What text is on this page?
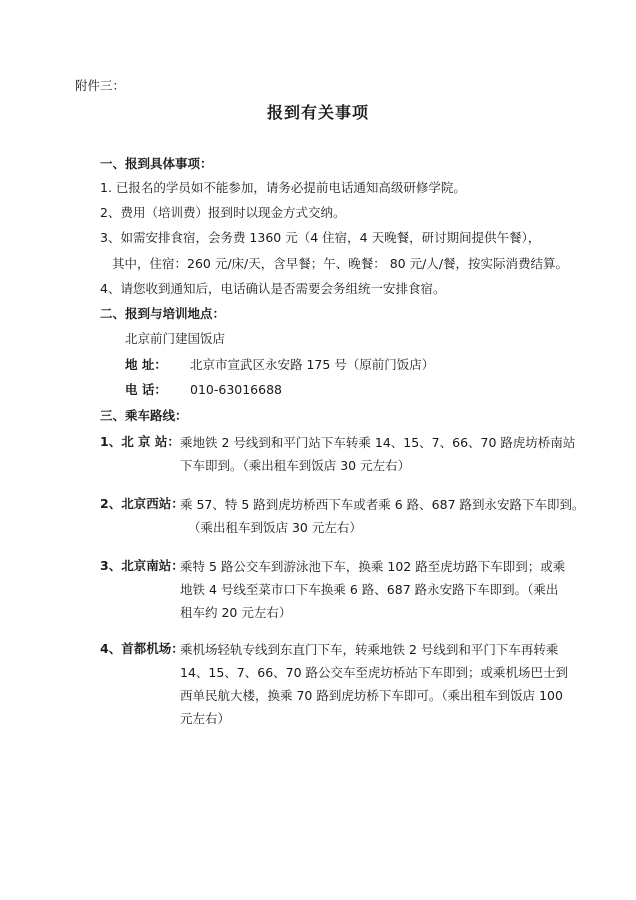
附件三：
报到有关事项
一、报到具体事项：
1. 已报名的学员如不能参加，请务必提前电话通知高级研修学院。
2、费用（培训费）报到时以现金方式交纳。
3、如需安排食宿，会务费 1360 元（4 住宿，4 天晚餐，研讨期间提供午餐），
其中，住宿：260 元/床/天，含早餐；午、晚餐： 80 元/人/餐，按实际消费结算。
4、请您收到通知后，电话确认是否需要会务组统一安排食宿。
二、报到与培训地点：
北京前门建国饭店
地 址： 北京市宣武区永安路 175 号（原前门饭店）
电 话： 010-63016688
三、乘车路线：
1、北 京 站： 乘地铁 2 号线到和平门站下车转乘 14、15、7、66、70 路虎坊桥南站
下车即到。（乘出租车到饭店 30 元左右）
2、北京西站：
乘 57、特 5 路到虎坊桥西下车或者乘 6 路、687 路到永安路下车即到。
（乘出租车到饭店 30 元左右）
3、北京南站：
乘特 5 路公交车到游泳池下车，换乘 102 路至虎坊路下车即到；或乘
地铁 4 号线至菜市口下车换乘 6 路、687 路永安路下车即到。（乘出
租车约 20 元左右）
4、首都机场：
乘机场轻轨专线到东直门下车，转乘地铁 2 号线到和平门下车再转乘
14、15、7、66、70 路公交车至虎坊桥站下车即到；或乘机场巴士到
西单民航大楼，换乘 70 路到虎坊桥下车即可。（乘出租车到饭店 100
元左右）
